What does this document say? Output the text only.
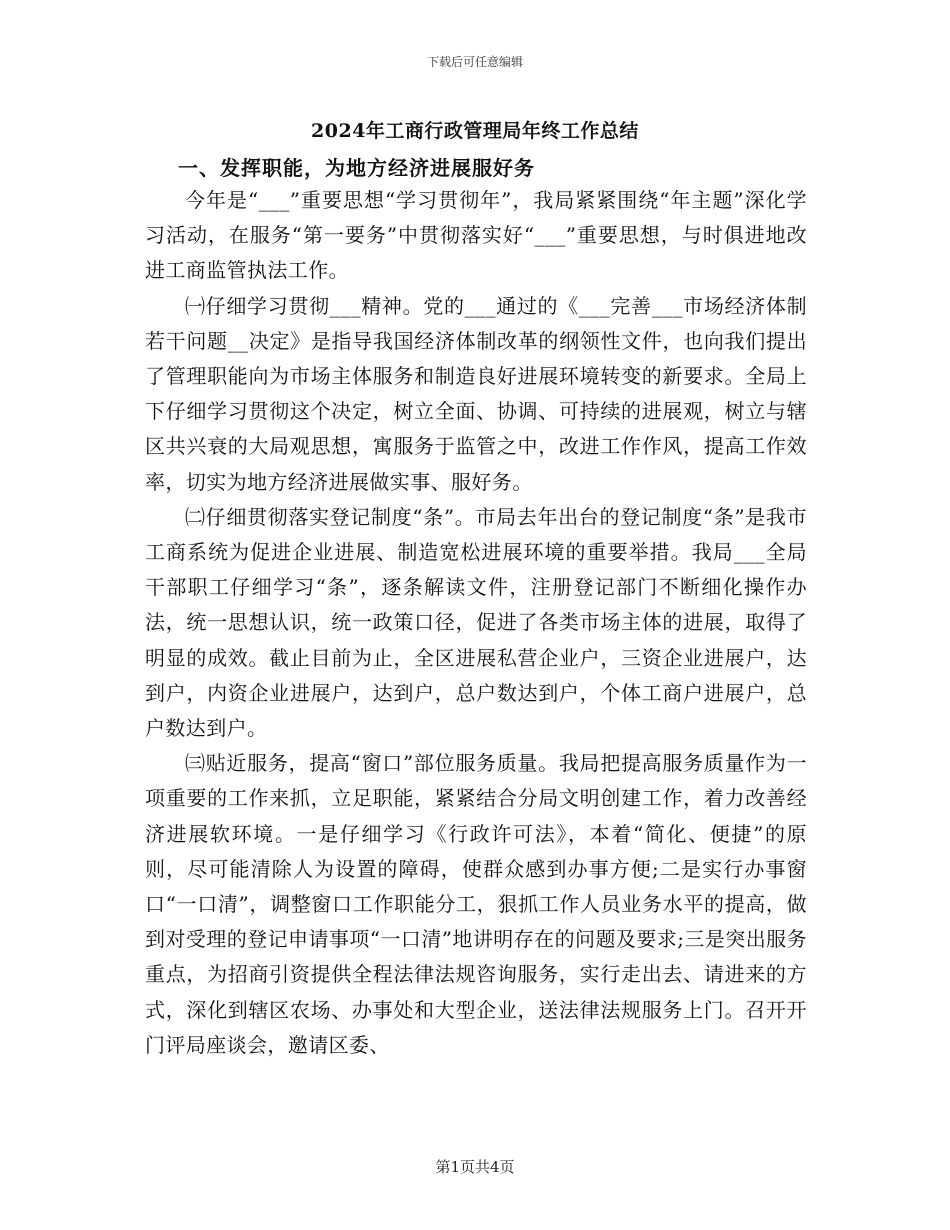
下载后可任意编辑
2024年工商行政管理局年终工作总结
一、发挥职能，为地方经济进展服好务

今年是“___”重要思想“学习贯彻年”，我局紧紧围绕“年主题”深化学习活动，在服务“第一要务”中贯彻落实好“___”重要思想，与时俱进地改进工商监管执法工作。

㈠仔细学习贯彻___精神。党的___通过的《___完善___市场经济体制若干问题__决定》是指导我国经济体制改革的纲领性文件，也向我们提出了管理职能向为市场主体服务和制造良好进展环境转变的新要求。全局上下仔细学习贯彻这个决定，树立全面、协调、可持续的进展观，树立与辖区共兴衰的大局观思想，寓服务于监管之中，改进工作作风，提高工作效率，切实为地方经济进展做实事、服好务。

㈡仔细贯彻落实登记制度“条”。市局去年出台的登记制度“条”是我市工商系统为促进企业进展、制造宽松进展环境的重要举措。我局___全局干部职工仔细学习“条”，逐条解读文件，注册登记部门不断细化操作办法，统一思想认识，统一政策口径，促进了各类市场主体的进展，取得了明显的成效。截止目前为止，全区进展私营企业户，三资企业进展户，达到户，内资企业进展户，达到户，总户数达到户，个体工商户进展户，总户数达到户。

㈢贴近服务，提高“窗口”部位服务质量。我局把提高服务质量作为一项重要的工作来抓，立足职能，紧紧结合分局文明创建工作，着力改善经济进展软环境。一是仔细学习《行政许可法》，本着“简化、便捷”的原则，尽可能清除人为设置的障碍，使群众感到办事方便;二是实行办事窗口“一口清”，调整窗口工作职能分工，狠抓工作人员业务水平的提高，做到对受理的登记申请事项“一口清”地讲明存在的问题及要求;三是突出服务重点，为招商引资提供全程法律法规咨询服务，实行走出去、请进来的方式，深化到辖区农场、办事处和大型企业，送法律法规服务上门。召开开门评局座谈会，邀请区委、

第1页共4页
